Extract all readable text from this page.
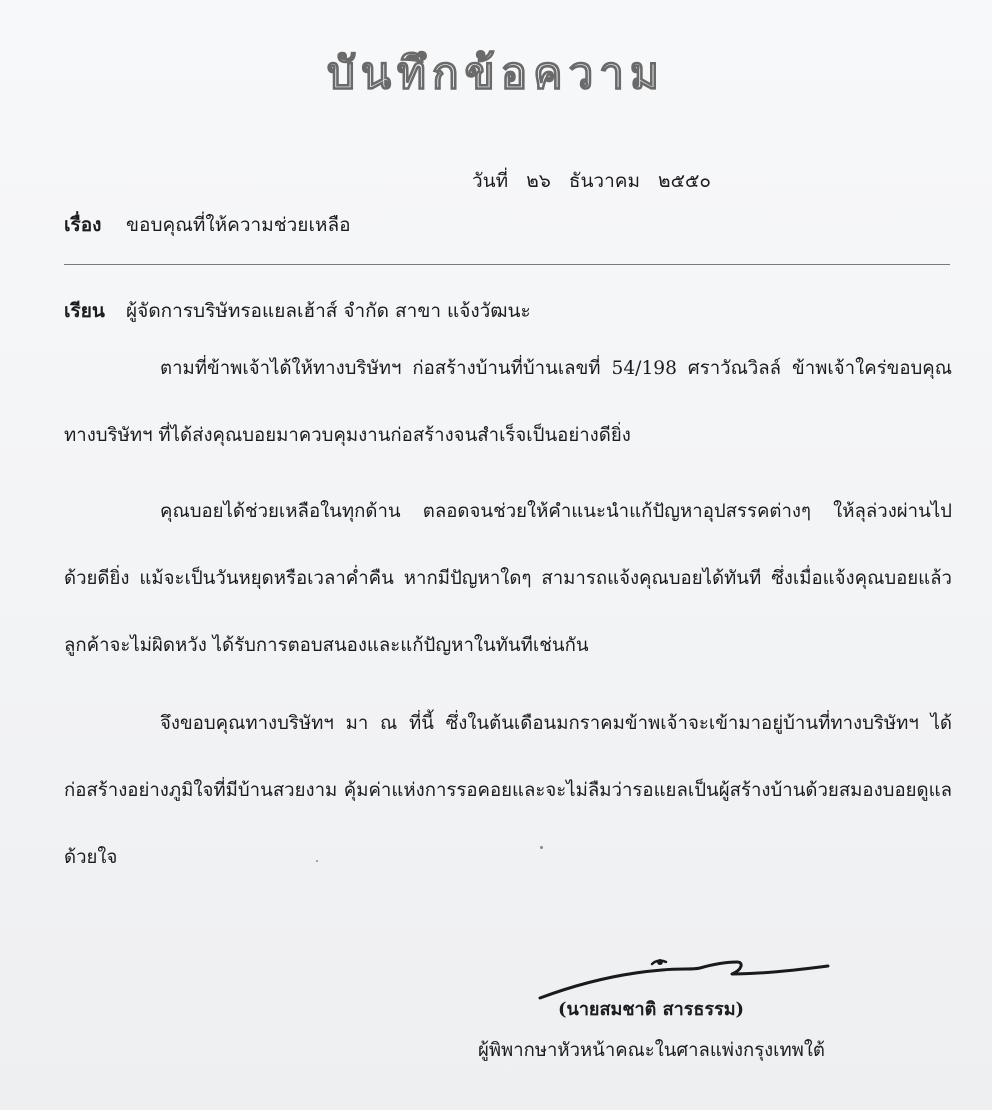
บันทึกข้อความ
วันที่ ๒๖ ธันวาคม ๒๕๕๐
เรื่อง ขอบคุณที่ให้ความช่วยเหลือ
เรียน ผู้จัดการบริษัทรอแยลเฮ้าส์ จำกัด สาขา แจ้งวัฒนะ

ตามที่ข้าพเจ้าได้ให้ทางบริษัทฯ ก่อสร้างบ้านที่บ้านเลขที่ 54/198 ศราวัณวิลล์ ข้าพเจ้าใคร่ขอบคุณทางบริษัทฯ ที่ได้ส่งคุณบอยมาควบคุมงานก่อสร้างจนสำเร็จเป็นอย่างดียิ่ง

คุณบอยได้ช่วยเหลือในทุกด้าน ตลอดจนช่วยให้คำแนะนำแก้ปัญหาอุปสรรคต่างๆ ให้ลุล่วงผ่านไปด้วยดียิ่ง แม้จะเป็นวันหยุดหรือเวลาค่ำคืน หากมีปัญหาใดๆ สามารถแจ้งคุณบอยได้ทันที ซึ่งเมื่อแจ้งคุณบอยแล้ว ลูกค้าจะไม่ผิดหวัง ได้รับการตอบสนองและแก้ปัญหาในทันทีเช่นกัน

จึงขอบคุณทางบริษัทฯ มา ณ ที่นี้ ซึ่งในต้นเดือนมกราคมข้าพเจ้าจะเข้ามาอยู่บ้านที่ทางบริษัทฯ ได้ก่อสร้างอย่างภูมิใจที่มีบ้านสวยงาม คุ้มค่าแห่งการรอคอยและจะไม่ลืมว่ารอแยลเป็นผู้สร้างบ้านด้วยสมองบอยดูแลด้วยใจ

(นายสมชาติ สารธรรม)
ผู้พิพากษาหัวหน้าคณะในศาลแพ่งกรุงเทพใต้
